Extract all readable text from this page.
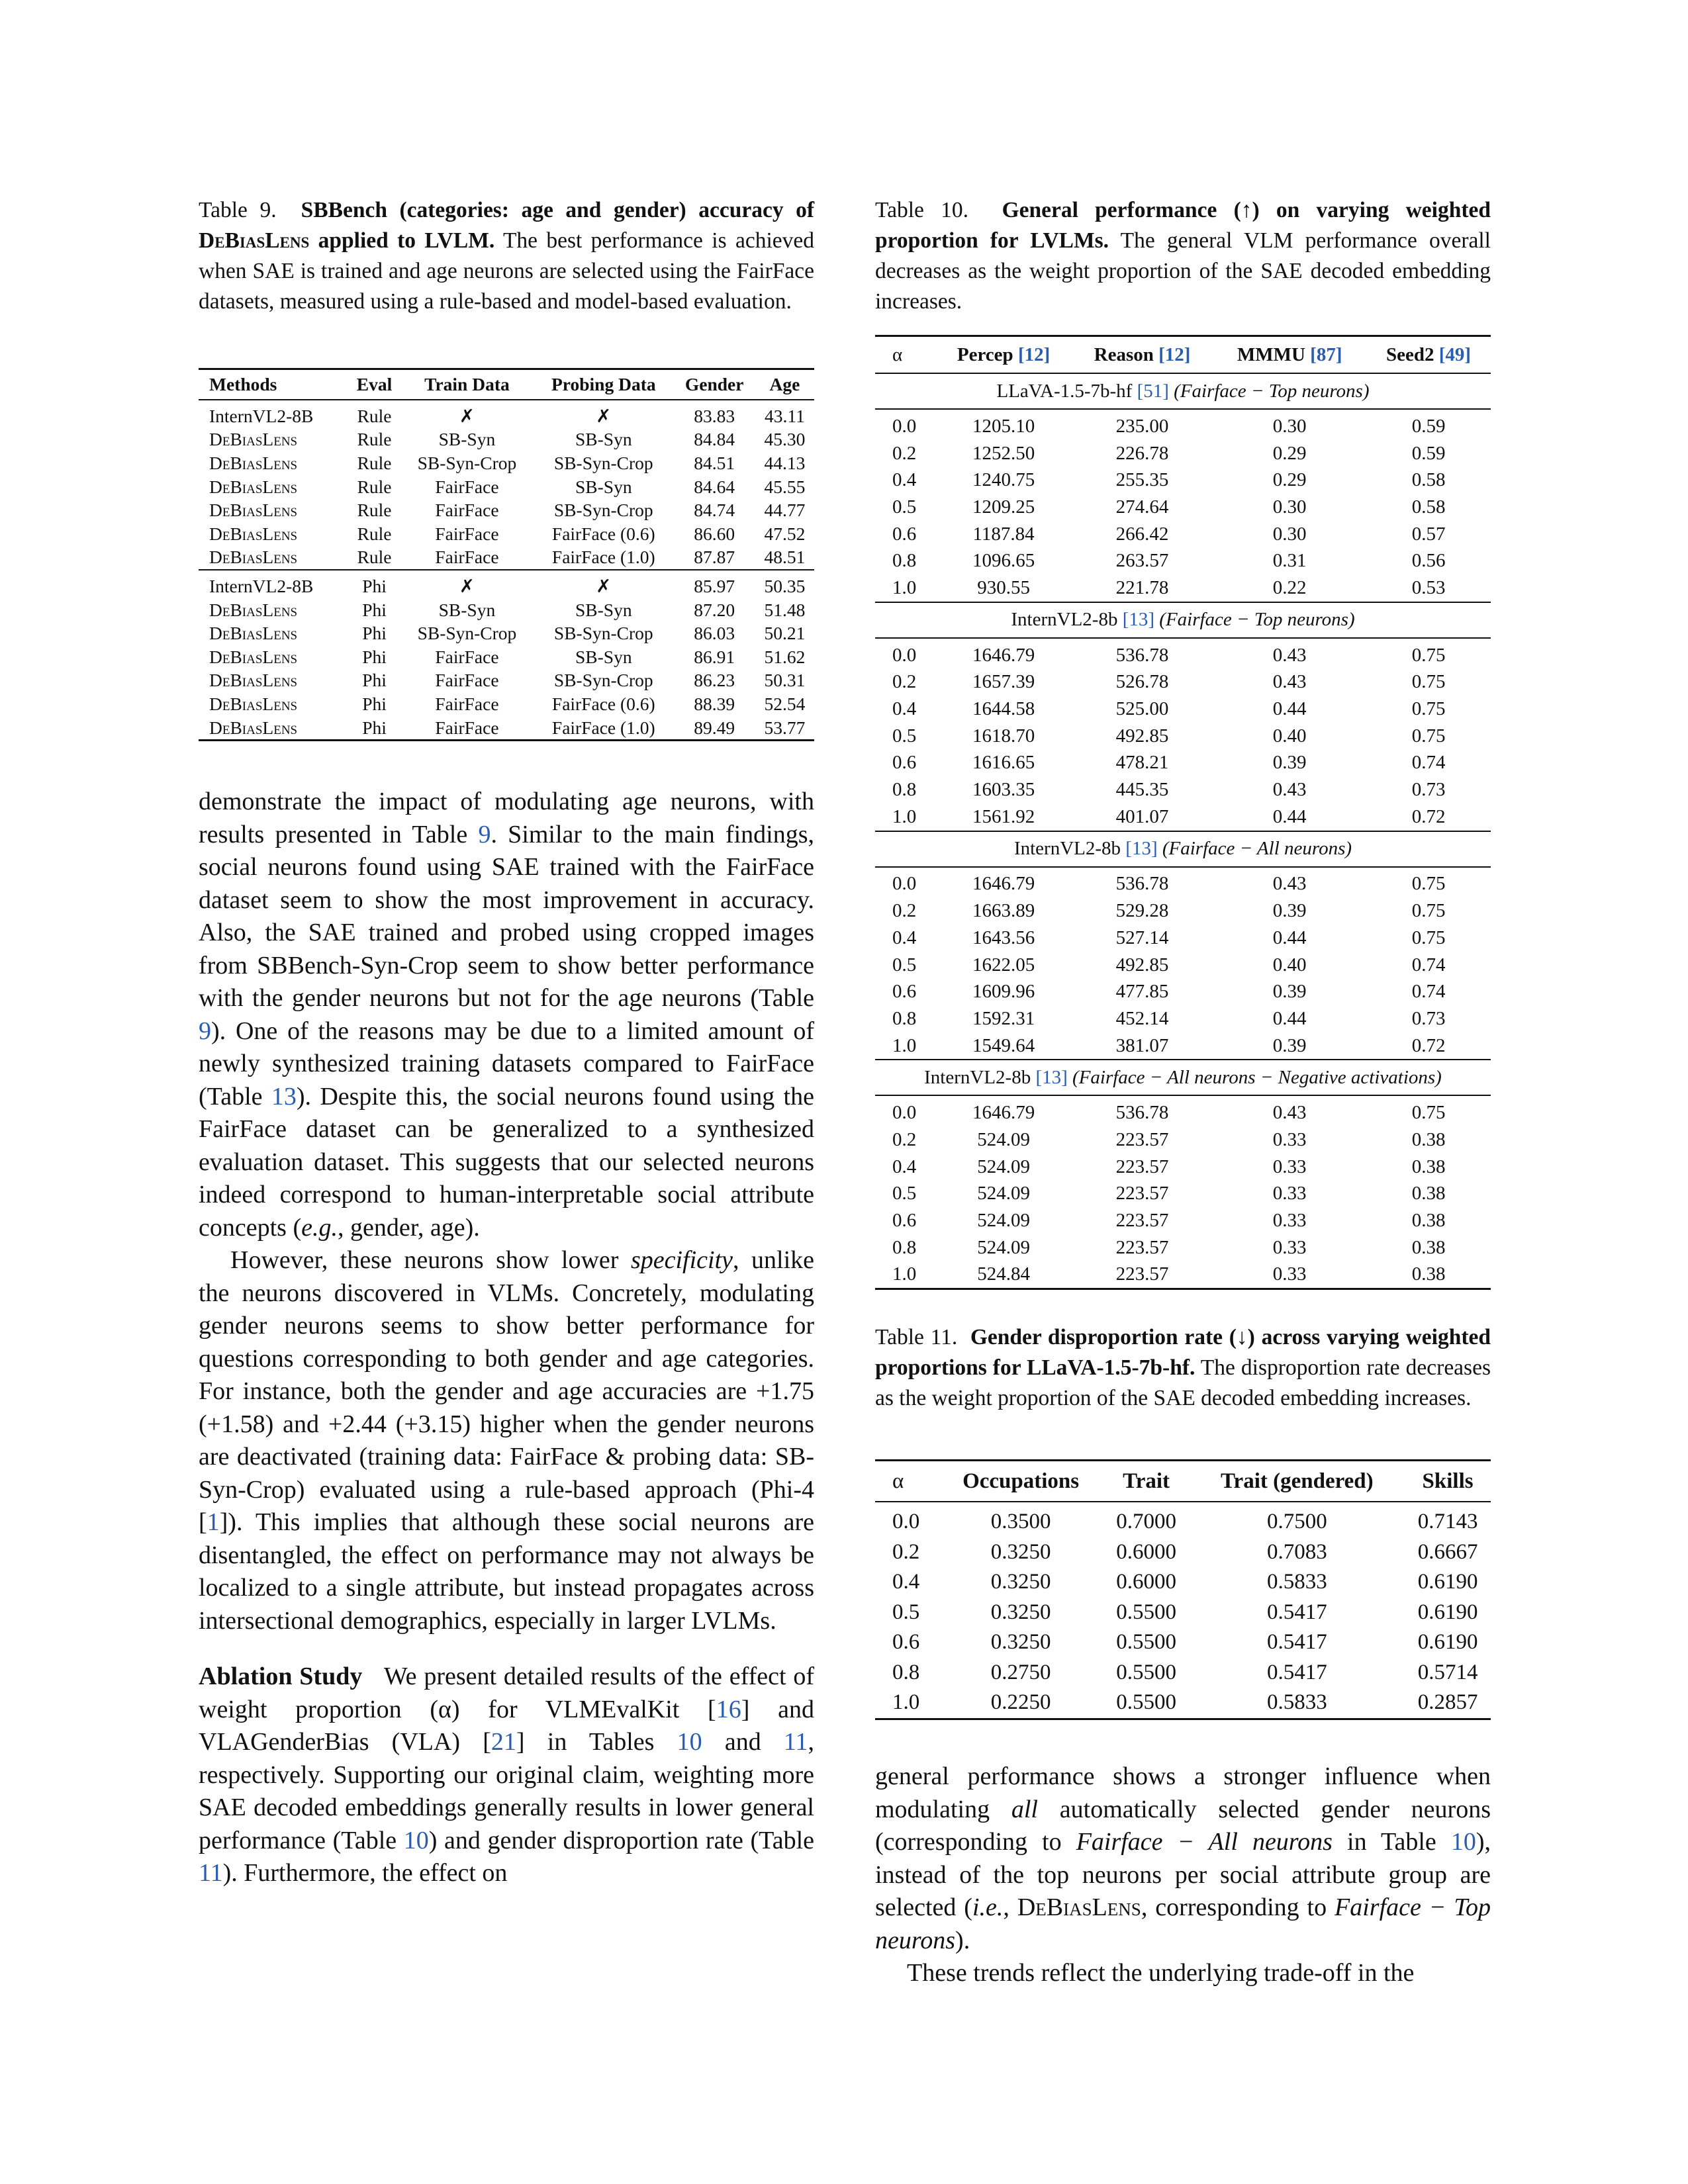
Table 9. SBBench (categories: age and gender) accuracy of DeBiasLens applied to LVLM. The best performance is achieved when SAE is trained and age neurons are selected using the FairFace datasets, measured using a rule-based and model-based evaluation.
Methods	Eval	Train Data	Probing Data	Gender	Age
InternVL2-8B	Rule	✗	✗	83.83	43.11
DeBiasLens	Rule	SB-Syn	SB-Syn	84.84	45.30
DeBiasLens	Rule	SB-Syn-Crop	SB-Syn-Crop	84.51	44.13
DeBiasLens	Rule	FairFace	SB-Syn	84.64	45.55
DeBiasLens	Rule	FairFace	SB-Syn-Crop	84.74	44.77
DeBiasLens	Rule	FairFace	FairFace (0.6)	86.60	47.52
DeBiasLens	Rule	FairFace	FairFace (1.0)	87.87	48.51
InternVL2-8B	Phi	✗	✗	85.97	50.35
DeBiasLens	Phi	SB-Syn	SB-Syn	87.20	51.48
DeBiasLens	Phi	SB-Syn-Crop	SB-Syn-Crop	86.03	50.21
DeBiasLens	Phi	FairFace	SB-Syn	86.91	51.62
DeBiasLens	Phi	FairFace	SB-Syn-Crop	86.23	50.31
DeBiasLens	Phi	FairFace	FairFace (0.6)	88.39	52.54
DeBiasLens	Phi	FairFace	FairFace (1.0)	89.49	53.77

demonstrate the impact of modulating age neurons, with results presented in Table 9. Similar to the main findings, social neurons found using SAE trained with the FairFace dataset seem to show the most improvement in accuracy. Also, the SAE trained and probed using cropped images from SBBench-Syn-Crop seem to show better performance with the gender neurons but not for the age neurons (Table 9). One of the reasons may be due to a limited amount of newly synthesized training datasets compared to FairFace (Table 13). Despite this, the social neurons found using the FairFace dataset can be generalized to a synthesized evaluation dataset. This suggests that our selected neurons indeed correspond to human-interpretable social attribute concepts (e.g., gender, age).

However, these neurons show lower specificity, unlike the neurons discovered in VLMs. Concretely, modulating gender neurons seems to show better performance for questions corresponding to both gender and age categories. For instance, both the gender and age accuracies are +1.75 (+1.58) and +2.44 (+3.15) higher when the gender neurons are deactivated (training data: FairFace & probing data: SB-Syn-Crop) evaluated using a rule-based approach (Phi-4 [1]). This implies that although these social neurons are disentangled, the effect on performance may not always be localized to a single attribute, but instead propagates across intersectional demographics, especially in larger LVLMs.

Ablation Study   We present detailed results of the effect of weight proportion (α) for VLMEvalKit [16] and VLAGenderBias (VLA) [21] in Tables 10 and 11, respectively. Supporting our original claim, weighting more SAE decoded embeddings generally results in lower general performance (Table 10) and gender disproportion rate (Table 11). Furthermore, the effect on

Table 10. General performance (↑) on varying weighted proportion for LVLMs. The general VLM performance overall decreases as the weight proportion of the SAE decoded embedding increases.
α	Percep [12]	Reason [12]	MMMU [87]	Seed2 [49]
LLaVA-1.5-7b-hf [51] (Fairface − Top neurons)				
0.0	1205.10	235.00	0.30	0.59
0.2	1252.50	226.78	0.29	0.59
0.4	1240.75	255.35	0.29	0.58
0.5	1209.25	274.64	0.30	0.58
0.6	1187.84	266.42	0.30	0.57
0.8	1096.65	263.57	0.31	0.56
1.0	930.55	221.78	0.22	0.53
InternVL2-8b [13] (Fairface − Top neurons)				
0.0	1646.79	536.78	0.43	0.75
0.2	1657.39	526.78	0.43	0.75
0.4	1644.58	525.00	0.44	0.75
0.5	1618.70	492.85	0.40	0.75
0.6	1616.65	478.21	0.39	0.74
0.8	1603.35	445.35	0.43	0.73
1.0	1561.92	401.07	0.44	0.72
InternVL2-8b [13] (Fairface − All neurons)				
0.0	1646.79	536.78	0.43	0.75
0.2	1663.89	529.28	0.39	0.75
0.4	1643.56	527.14	0.44	0.75
0.5	1622.05	492.85	0.40	0.74
0.6	1609.96	477.85	0.39	0.74
0.8	1592.31	452.14	0.44	0.73
1.0	1549.64	381.07	0.39	0.72
InternVL2-8b [13] (Fairface − All neurons − Negative activations)				
0.0	1646.79	536.78	0.43	0.75
0.2	524.09	223.57	0.33	0.38
0.4	524.09	223.57	0.33	0.38
0.5	524.09	223.57	0.33	0.38
0.6	524.09	223.57	0.33	0.38
0.8	524.09	223.57	0.33	0.38
1.0	524.84	223.57	0.33	0.38
Table 11. Gender disproportion rate (↓) across varying weighted proportions for LLaVA-1.5-7b-hf. The disproportion rate decreases as the weight proportion of the SAE decoded embedding increases.
α	Occupations	Trait	Trait (gendered)	Skills
0.0	0.3500	0.7000	0.7500	0.7143
0.2	0.3250	0.6000	0.7083	0.6667
0.4	0.3250	0.6000	0.5833	0.6190
0.5	0.3250	0.5500	0.5417	0.6190
0.6	0.3250	0.5500	0.5417	0.6190
0.8	0.2750	0.5500	0.5417	0.5714
1.0	0.2250	0.5500	0.5833	0.2857

general performance shows a stronger influence when modulating all automatically selected gender neurons (corresponding to Fairface − All neurons in Table 10), instead of the top neurons per social attribute group are selected (i.e., DeBiasLens, corresponding to Fairface − Top neurons).

These trends reflect the underlying trade-off in the
